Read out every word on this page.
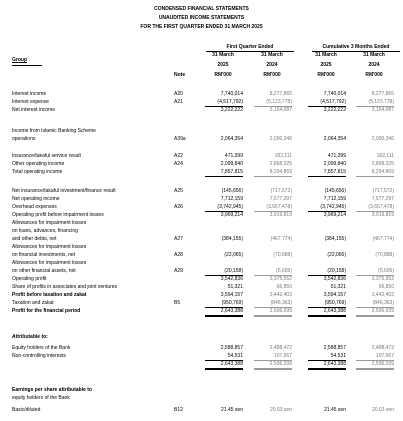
CONDENSED FINANCIAL STATEMENTS
UNAUDITED INCOME STATEMENTS
FOR THE FIRST QUARTER ENDED 31 MARCH 2025
Group
Note
First Quarter Ended	Cumulative 3 Months Ended
31 March	31 March	31 March	31 March
2025	2024	2025	2024
RM'000	RM'000	RM'000	RM'000
Interest income	A20	7,740,014	8,277,865	7,740,014	8,277,865
Interest expense	A21	(4,517,792)	(5,123,778)	(4,517,792)	(5,123,778)
Net interest income	3,222,222	3,154,087	3,222,222	3,154,087
Income from Islamic Banking Scheme
operations	A39a	2,064,354	2,090,346	2,064,354	2,090,346
Insurance/takaful service result	A22	471,399	182,111	471,399	182,111
Other operating income	A24	2,099,840	2,868,325	2,099,840	2,868,325
Total operating income	7,857,815	8,294,869	7,857,815	8,294,869
Net insurance/takaful investment/finance result	A25	(145,656)	(717,572)	(145,656)	(717,572)
Net operating income	7,712,159	7,577,297	7,712,159	7,577,297
Overhead expenses	A26	(3,742,945)	(3,657,478)	(3,742,945)	(3,657,478)
Operating profit before impairment losses	3,969,214	3,919,819	3,969,214	3,919,819
Allowances for impairment losses
on loans, advances, financing
and other debts, net	A27	(384,155)	(467,774)	(384,155)	(467,774)
Allowances for impairment losses
on financial investments, net	A28	(22,065)	(70,888)	(22,065)	(70,888)
Allowances for impairment losses
on other financial assets, net	A29	(20,158)	(5,605)	(20,158)	(5,605)
Operating profit	3,542,836	3,375,552	3,542,836	3,375,552
Share of profits in associates and joint ventures	51,321	66,850	51,321	66,850
Profit before taxation and zakat	3,594,157	3,442,402	3,594,157	3,442,402
Taxation and zakat	B5	(950,769)	(846,363)	(950,769)	(846,363)
Profit for the financial period	2,643,388	2,596,039	2,643,388	2,596,039
Attributable to:
Equity holders of the Bank	2,588,857	2,488,472	2,588,857	2,488,472
Non-controlling interests	54,531	107,567	54,531	107,567
2,643,388	2,596,039	2,643,388	2,596,039
Earnings per share attributable to
equity holders of the Bank
Basic/diluted	B12	21.45 sen	20.63 sen	21.45 sen	20.63 sen
